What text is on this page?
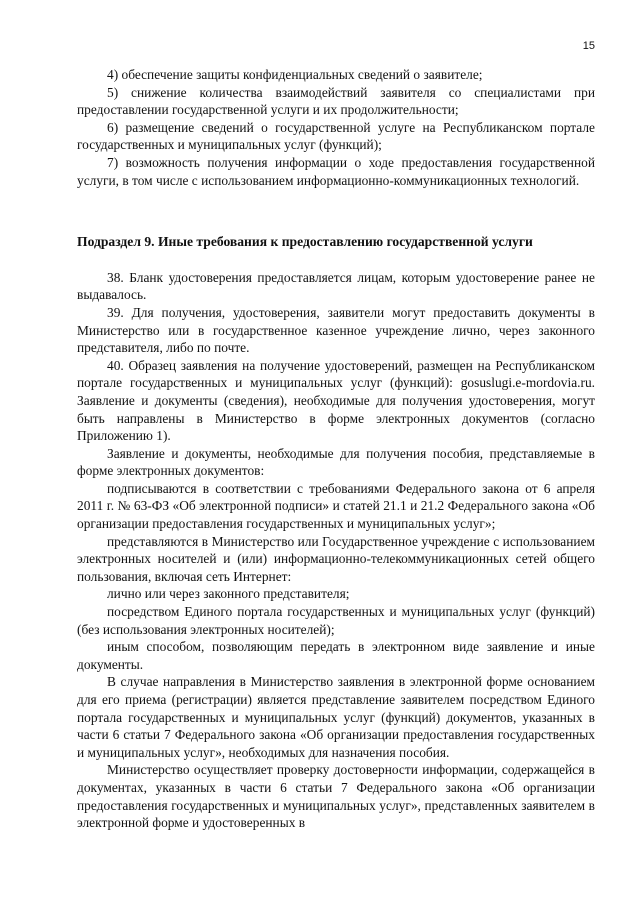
15

4) обеспечение защиты конфиденциальных сведений о заявителе;

5) снижение количества взаимодействий заявителя со специалистами при предоставлении государственной услуги и их продолжительности;

6) размещение сведений о государственной услуге на Республиканском портале государственных и муниципальных услуг (функций);

7) возможность получения информации о ходе предоставления государственной услуги, в том числе с использованием информационно-коммуникационных технологий.

Подраздел 9. Иные требования к предоставлению государственной услуги

38. Бланк удостоверения предоставляется лицам, которым удостоверение ранее не выдавалось.

39. Для получения, удостоверения, заявители могут предоставить документы в Министерство или в государственное казенное учреждение лично, через законного представителя, либо по почте.

40. Образец заявления на получение удостоверений, размещен на Республиканском портале государственных и муниципальных услуг (функций): gosuslugi.e-mordovia.ru. Заявление и документы (сведения), необходимые для получения удостоверения, могут быть направлены в Министерство в форме электронных документов (согласно Приложению 1).

Заявление и документы, необходимые для получения пособия, представляемые в форме электронных документов:

подписываются в соответствии с требованиями Федерального закона от 6 апреля 2011 г. № 63-ФЗ «Об электронной подписи» и статей 21.1 и 21.2 Федерального закона «Об организации предоставления государственных и муниципальных услуг»;

представляются в Министерство или Государственное учреждение с использованием электронных носителей и (или) информационно-телекоммуникационных сетей общего пользования, включая сеть Интернет:

лично или через законного представителя;

посредством Единого портала государственных и муниципальных услуг (функций) (без использования электронных носителей);

иным способом, позволяющим передать в электронном виде заявление и иные документы.

В случае направления в Министерство заявления в электронной форме основанием для его приема (регистрации) является представление заявителем посредством Единого портала государственных и муниципальных услуг (функций) документов, указанных в части 6 статьи 7 Федерального закона «Об организации предоставления государственных и муниципальных услуг», необходимых для назначения пособия.

Министерство осуществляет проверку достоверности информации, содержащейся в документах, указанных в части 6 статьи 7 Федерального закона «Об организации предоставления государственных и муниципальных услуг», представленных заявителем в электронной форме и удостоверенных в
